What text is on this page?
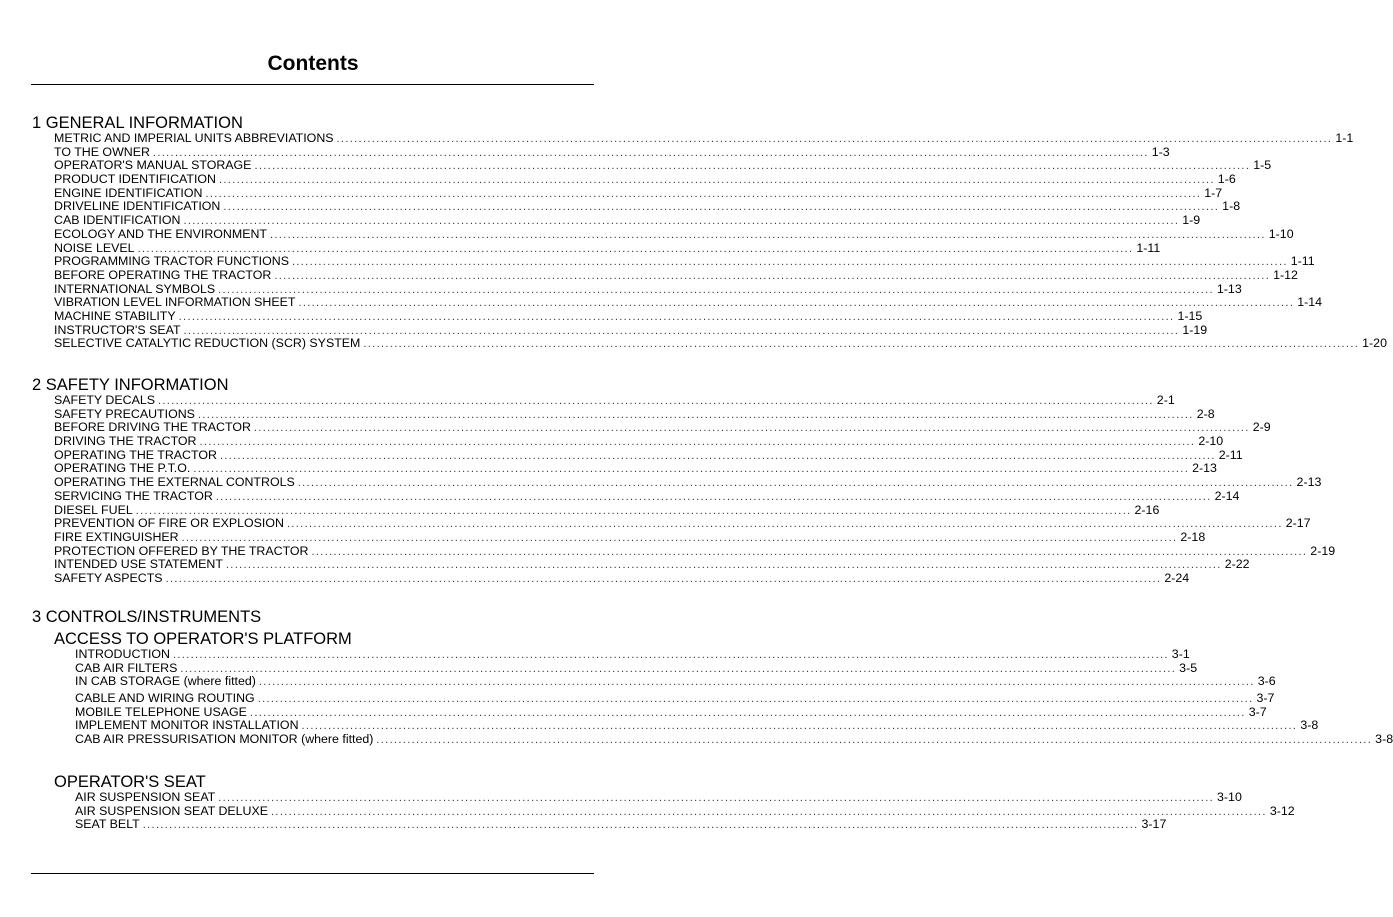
Contents
1 GENERAL INFORMATION
METRIC AND IMPERIAL UNITS ABBREVIATIONS .................................................................................................................................................................................................................................. 1-1
TO THE OWNER .................................................................................................................................................................................................................................. 1-3
OPERATOR'S MANUAL STORAGE .................................................................................................................................................................................................................................. 1-5
PRODUCT IDENTIFICATION .................................................................................................................................................................................................................................. 1-6
ENGINE IDENTIFICATION .................................................................................................................................................................................................................................. 1-7
DRIVELINE IDENTIFICATION .................................................................................................................................................................................................................................. 1-8
CAB IDENTIFICATION .................................................................................................................................................................................................................................. 1-9
ECOLOGY AND THE ENVIRONMENT .................................................................................................................................................................................................................................. 1-10
NOISE LEVEL .................................................................................................................................................................................................................................. 1-11
PROGRAMMING TRACTOR FUNCTIONS .................................................................................................................................................................................................................................. 1-11
BEFORE OPERATING THE TRACTOR .................................................................................................................................................................................................................................. 1-12
INTERNATIONAL SYMBOLS .................................................................................................................................................................................................................................. 1-13
VIBRATION LEVEL INFORMATION SHEET .................................................................................................................................................................................................................................. 1-14
MACHINE STABILITY .................................................................................................................................................................................................................................. 1-15
INSTRUCTOR'S SEAT .................................................................................................................................................................................................................................. 1-19
SELECTIVE CATALYTIC REDUCTION (SCR) SYSTEM .................................................................................................................................................................................................................................. 1-20
2 SAFETY INFORMATION
SAFETY DECALS .................................................................................................................................................................................................................................. 2-1
SAFETY PRECAUTIONS .................................................................................................................................................................................................................................. 2-8
BEFORE DRIVING THE TRACTOR .................................................................................................................................................................................................................................. 2-9
DRIVING THE TRACTOR .................................................................................................................................................................................................................................. 2-10
OPERATING THE TRACTOR .................................................................................................................................................................................................................................. 2-11
OPERATING THE P.T.O. .................................................................................................................................................................................................................................. 2-13
OPERATING THE EXTERNAL CONTROLS .................................................................................................................................................................................................................................. 2-13
SERVICING THE TRACTOR .................................................................................................................................................................................................................................. 2-14
DIESEL FUEL .................................................................................................................................................................................................................................. 2-16
PREVENTION OF FIRE OR EXPLOSION .................................................................................................................................................................................................................................. 2-17
FIRE EXTINGUISHER .................................................................................................................................................................................................................................. 2-18
PROTECTION OFFERED BY THE TRACTOR .................................................................................................................................................................................................................................. 2-19
INTENDED USE STATEMENT .................................................................................................................................................................................................................................. 2-22
SAFETY ASPECTS .................................................................................................................................................................................................................................. 2-24
3 CONTROLS/INSTRUMENTS
ACCESS TO OPERATOR'S PLATFORM
INTRODUCTION .................................................................................................................................................................................................................................. 3-1
CAB AIR FILTERS .................................................................................................................................................................................................................................. 3-5
IN CAB STORAGE (where fitted) .................................................................................................................................................................................................................................. 3-6
CABLE AND WIRING ROUTING .................................................................................................................................................................................................................................. 3-7
MOBILE TELEPHONE USAGE .................................................................................................................................................................................................................................. 3-7
IMPLEMENT MONITOR INSTALLATION .................................................................................................................................................................................................................................. 3-8
CAB AIR PRESSURISATION MONITOR (where fitted) .................................................................................................................................................................................................................................. 3-8
OPERATOR'S SEAT
AIR SUSPENSION SEAT .................................................................................................................................................................................................................................. 3-10
AIR SUSPENSION SEAT DELUXE .................................................................................................................................................................................................................................. 3-12
SEAT BELT .................................................................................................................................................................................................................................. 3-17
